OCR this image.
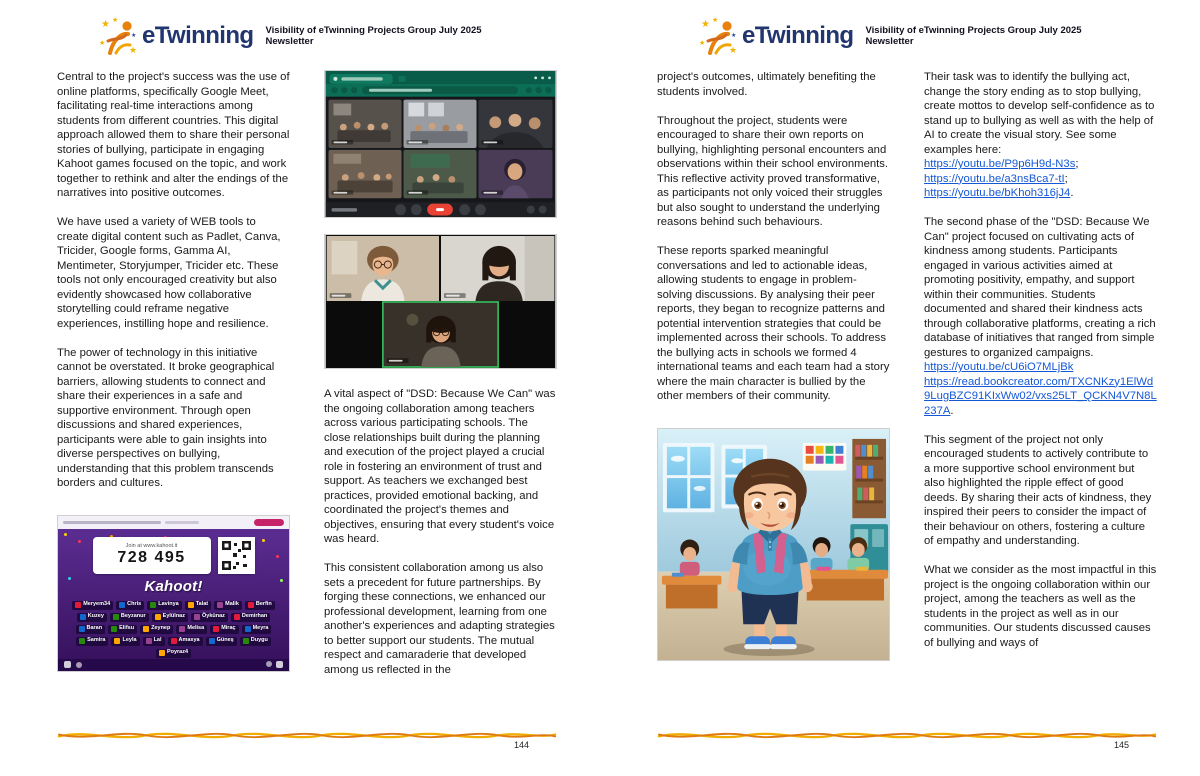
★ ★
★
★
★ eTwinning Visibility of eTwinning Projects Group July 2025 Newsletter

Central to the project's success was the use of online platforms, specifically Google Meet, facilitating real-time interactions among students from different countries. This digital approach allowed them to share their personal stories of bullying, participate in engaging Kahoot games focused on the topic, and work together to rethink and alter the endings of the narratives into positive outcomes.

We have used a variety of WEB tools to create digital content such as Padlet, Canva, Tricider, Google forms, Gamma AI, Mentimeter, Storyjumper, Tricider etc. These tools not only encouraged creativity but also evidently showcased how collaborative storytelling could reframe negative experiences, instilling hope and resilience.

The power of technology in this initiative cannot be overstated. It broke geographical barriers, allowing students to connect and share their experiences in a safe and supportive environment. Through open discussions and shared experiences, participants were able to gain insights into diverse perspectives on bullying, understanding that this problem transcends borders and cultures.

Join at www.kahoot.it
728 495
Kahoot!
Meryem34	Chris	Lavinya	Talat	Malik	Berfin
Kuzey	Beyzanur	Eylülnaz	Öykünaz	Demirhan
Baran	Elifsu	Zeynep	Melisa	Miraç	Meyra
Samira	Leyla	Lal	Amasya	Güneş	Duygu
Poyraz4

A vital aspect of "DSD: Because We Can" was the ongoing collaboration among teachers across various participating schools. The close relationships built during the planning and execution of the project played a crucial role in fostering an environment of trust and support. As teachers we exchanged best practices, provided emotional backing, and coordinated the project's themes and objectives, ensuring that every student's voice was heard.

This consistent collaboration among us also sets a precedent for future partnerships. By forging these connections, we enhanced our professional development, learning from one another's experiences and adapting strategies to better support our students. The mutual respect and camaraderie that developed among us reflected in the

144
★ ★
★
★
★ eTwinning Visibility of eTwinning Projects Group July 2025 Newsletter

project's outcomes, ultimately benefiting the students involved.

Throughout the project, students were encouraged to share their own reports on bullying, highlighting personal encounters and observations within their school environments. This reflective activity proved transformative, as participants not only voiced their struggles but also sought to understand the underlying reasons behind such behaviours.

These reports sparked meaningful conversations and led to actionable ideas, allowing students to engage in problem-solving discussions. By analysing their peer reports, they began to recognize patterns and potential intervention strategies that could be implemented across their schools. To address the bullying acts in schools we formed 4 international teams and each team had a story where the main character is bullied by the other members of their community.

Their task was to identify the bullying act, change the story ending as to stop bullying, create mottos to develop self-confidence as to stand up to bullying as well as with the help of AI to create the visual story. See some examples here:
https://youtu.be/P9p6H9d-N3s;
https://youtu.be/a3nsBca7-tI;
https://youtu.be/bKhoh316jJ4.

The second phase of the "DSD: Because We Can" project focused on cultivating acts of kindness among students. Participants engaged in various activities aimed at promoting positivity, empathy, and support within their communities. Students documented and shared their kindness acts through collaborative platforms, creating a rich database of initiatives that ranged from simple gestures to organized campaigns.
https://youtu.be/cU6iO7MLjBk
https://read.bookcreator.com/TXCNKzy1ElWd9LugBZC91KIxWw02/vxs25LT_QCKN4V7N8L237A.

This segment of the project not only encouraged students to actively contribute to a more supportive school environment but also highlighted the ripple effect of good deeds. By sharing their acts of kindness, they inspired their peers to consider the impact of their behaviour on others, fostering a culture of empathy and understanding.

What we consider as the most impactful in this project is the ongoing collaboration within our project, among the teachers as well as the students in the project as well as in our communities. Our students discussed causes of bullying and ways of

145
